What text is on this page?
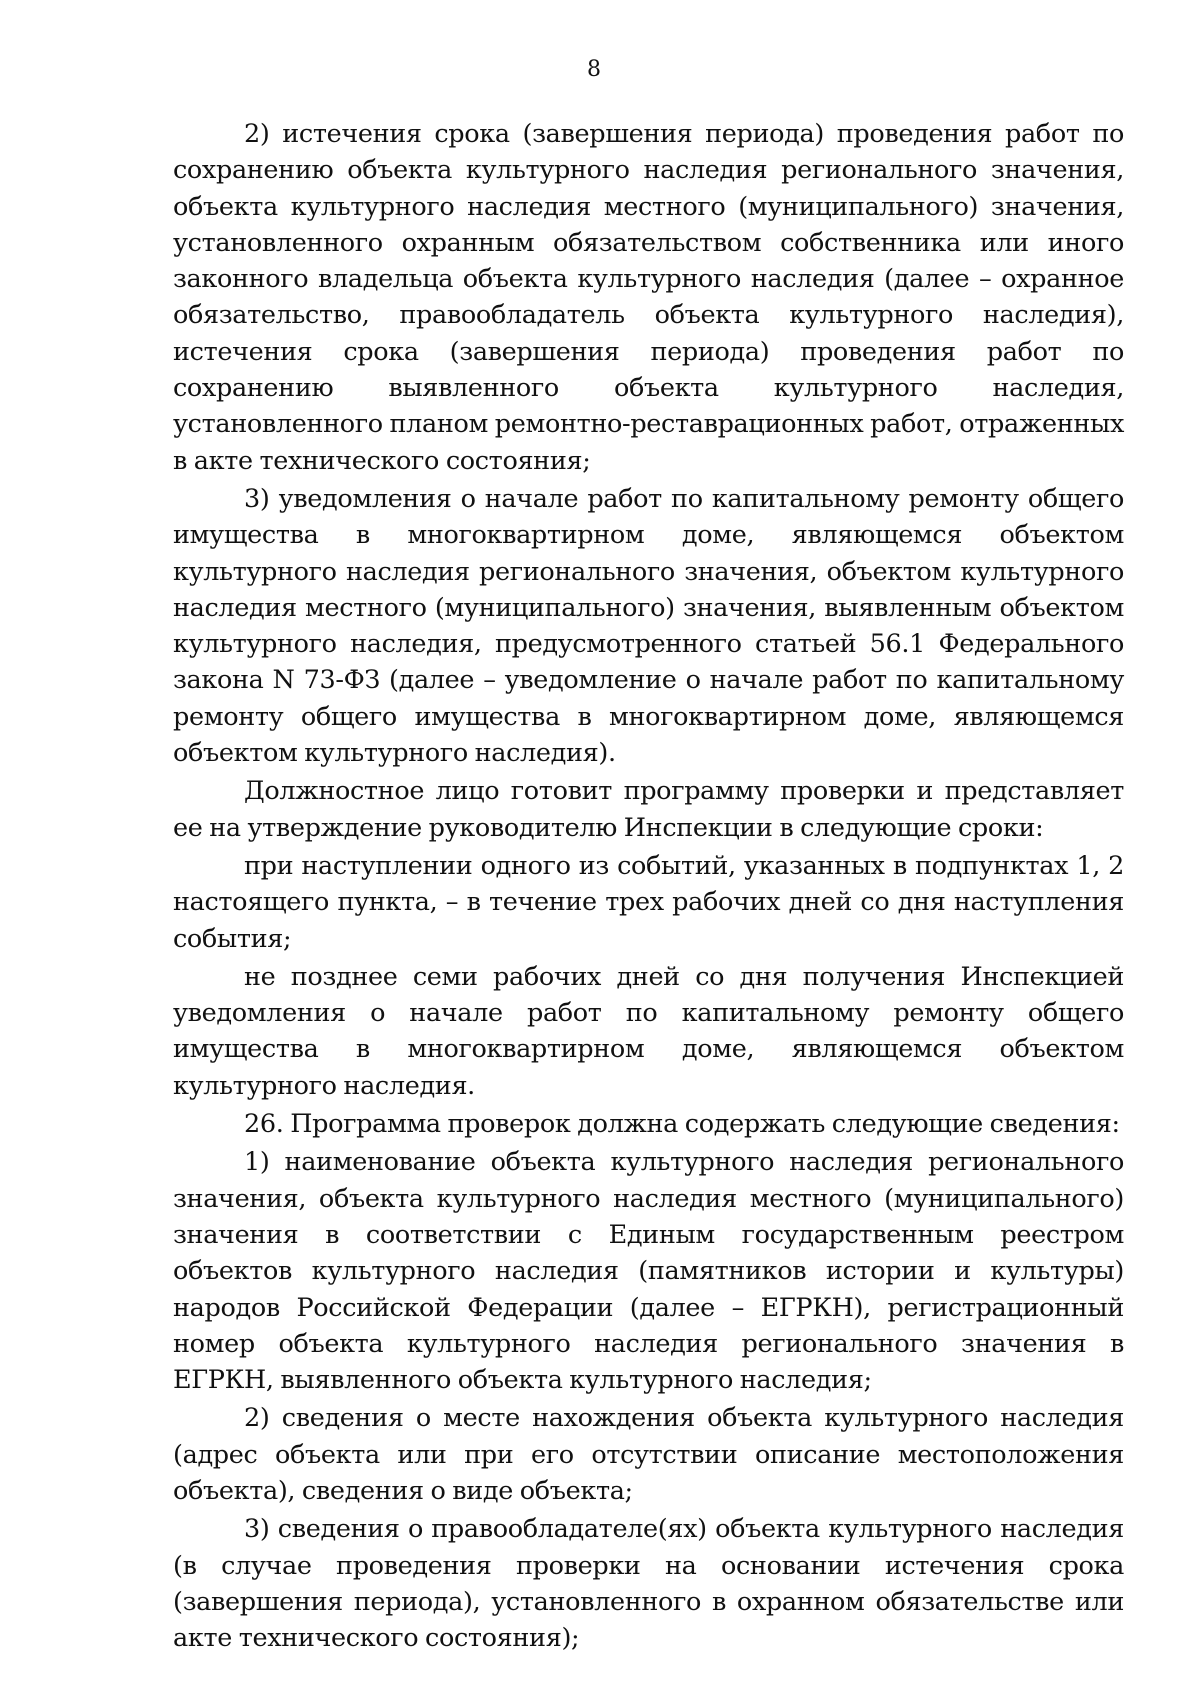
8

2) истечения срока (завершения периода) проведения работ по сохранению объекта культурного наследия регионального значения, объекта культурного наследия местного (муниципального) значения, установленного охранным обязательством собственника или иного законного владельца объекта культурного наследия (далее – охранное обязательство, правообладатель объекта культурного наследия), истечения срока (завершения периода) проведения работ по сохранению выявленного объекта культурного наследия, установленного планом ремонтно-реставрационных работ, отраженных в акте технического состояния;

3) уведомления о начале работ по капитальному ремонту общего имущества в многоквартирном доме, являющемся объектом культурного наследия регионального значения, объектом культурного наследия местного (муниципального) значения, выявленным объектом культурного наследия, предусмотренного статьей 56.1 Федерального закона N 73-ФЗ (далее – уведомление о начале работ по капитальному ремонту общего имущества в многоквартирном доме, являющемся объектом культурного наследия).

Должностное лицо готовит программу проверки и представляет ее на утверждение руководителю Инспекции в следующие сроки:

при наступлении одного из событий, указанных в подпунктах 1, 2 настоящего пункта, – в течение трех рабочих дней со дня наступления события;

не позднее семи рабочих дней со дня получения Инспекцией уведомления о начале работ по капитальному ремонту общего имущества в многоквартирном доме, являющемся объектом культурного наследия.

26. Программа проверок должна содержать следующие сведения:

1) наименование объекта культурного наследия регионального значения, объекта культурного наследия местного (муниципального) значения в соответствии с Единым государственным реестром объектов культурного наследия (памятников истории и культуры) народов Российской Федерации (далее – ЕГРКН), регистрационный номер объекта культурного наследия регионального значения в ЕГРКН, выявленного объекта культурного наследия;

2) сведения о месте нахождения объекта культурного наследия (адрес объекта или при его отсутствии описание местоположения объекта), сведения о виде объекта;

3) сведения о правообладателе(ях) объекта культурного наследия (в случае проведения проверки на основании истечения срока (завершения периода), установленного в охранном обязательстве или акте технического состояния);
